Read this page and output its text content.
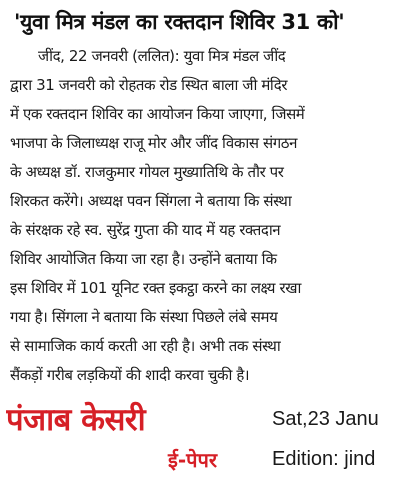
'युवा मित्र मंडल का रक्तदान शिविर 31 को'
जींद, 22 जनवरी (ललित): युवा मित्र मंडल जींद
द्वारा 31 जनवरी को रोहतक रोड स्थित बाला जी मंदिर
में एक रक्तदान शिविर का आयोजन किया जाएगा, जिसमें
भाजपा के जिलाध्यक्ष राजू मोर और जींद विकास संगठन
के अध्यक्ष डॉ. राजकुमार गोयल मुख्यातिथि के तौर पर
शिरकत करेंगे। अध्यक्ष पवन सिंगला ने बताया कि संस्था
के संरक्षक रहे स्व. सुरेंद्र गुप्ता की याद में यह रक्तदान
शिविर आयोजित किया जा रहा है। उन्होंने बताया कि
इस शिविर में 101 यूनिट रक्त इकट्ठा करने का लक्ष्य रखा
गया है। सिंगला ने बताया कि संस्था पिछले लंबे समय
से सामाजिक कार्य करती आ रही है। अभी तक संस्था
सैंकड़ों गरीब लड़कियों की शादी करवा चुकी है।
पंजाब केसरी
ई-पेपर
Sat,23 Janu
Edition: jind
